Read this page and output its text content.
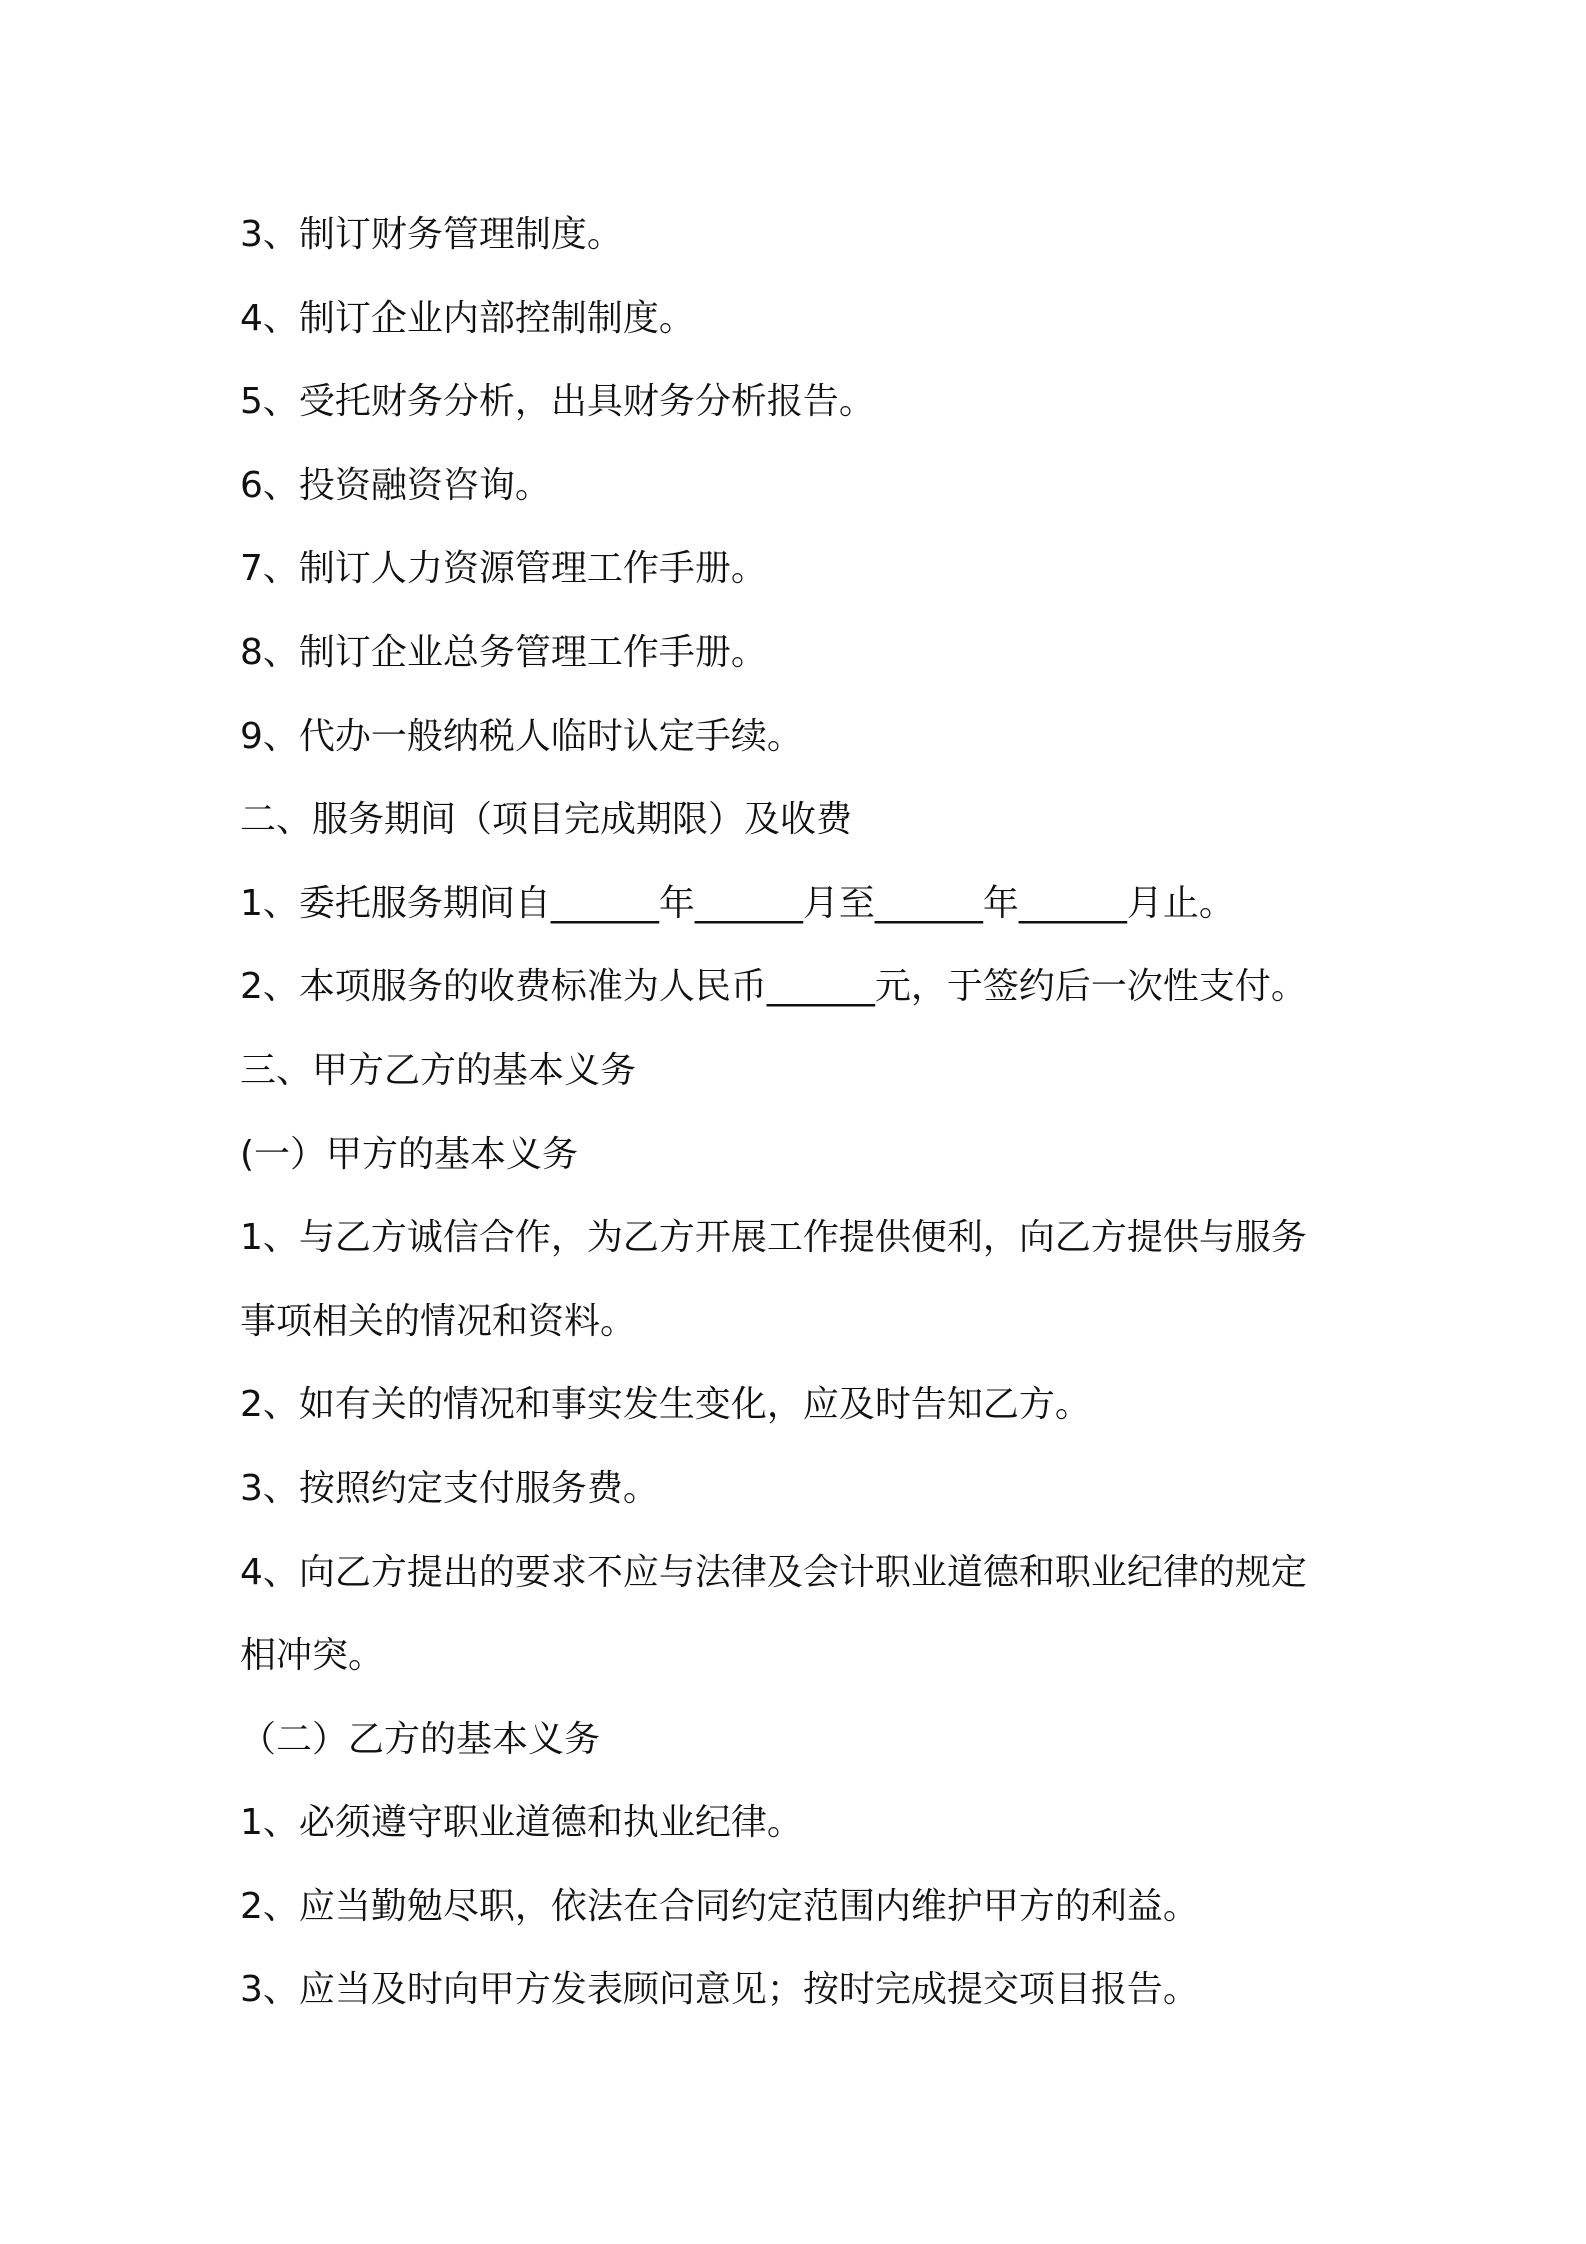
3、制订财务管理制度。
4、制订企业内部控制制度。
5、受托财务分析，出具财务分析报告。
6、投资融资咨询。
7、制订人力资源管理工作手册。
8、制订企业总务管理工作手册。
9、代办一般纳税人临时认定手续。
二、服务期间（项目完成期限）及收费
1、委托服务期间自______年______月至______年______月止。
2、本项服务的收费标准为人民币______元，于签约后一次性支付。
三、甲方乙方的基本义务
(一）甲方的基本义务
1、与乙方诚信合作，为乙方开展工作提供便利，向乙方提供与服务
事项相关的情况和资料。
2、如有关的情况和事实发生变化，应及时告知乙方。
3、按照约定支付服务费。
4、向乙方提出的要求不应与法律及会计职业道德和职业纪律的规定
相冲突。
（二）乙方的基本义务
1、必须遵守职业道德和执业纪律。
2、应当勤勉尽职，依法在合同约定范围内维护甲方的利益。
3、应当及时向甲方发表顾问意见；按时完成提交项目报告。
